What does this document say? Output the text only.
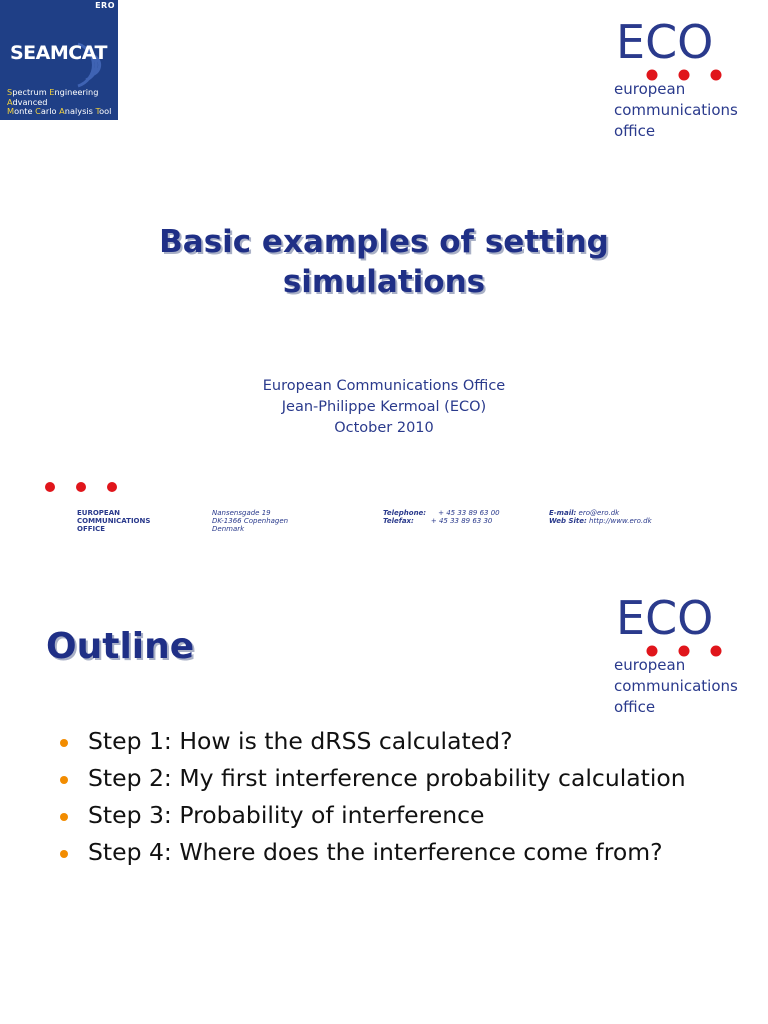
ERO
SEAMCAT
Spectrum Engineering
Advanced
Monte Carlo Analysis Tool
ECO
european
communications
office
Basic examples of setting
simulations
European Communications Office
Jean-Philippe Kermoal (ECO)
October 2010
EUROPEAN
COMMUNICATIONS
OFFICE
Nansensgade 19
DK-1366 Copenhagen
Denmark
Telephone: + 45 33 89 63 00
Telefax: + 45 33 89 63 30
E-mail: ero@ero.dk
Web Site: http://www.ero.dk
ECO
european
communications
office
Outline
Step 1: How is the dRSS calculated?
Step 2: My first interference probability calculation
Step 3: Probability of interference
Step 4: Where does the interference come from?
